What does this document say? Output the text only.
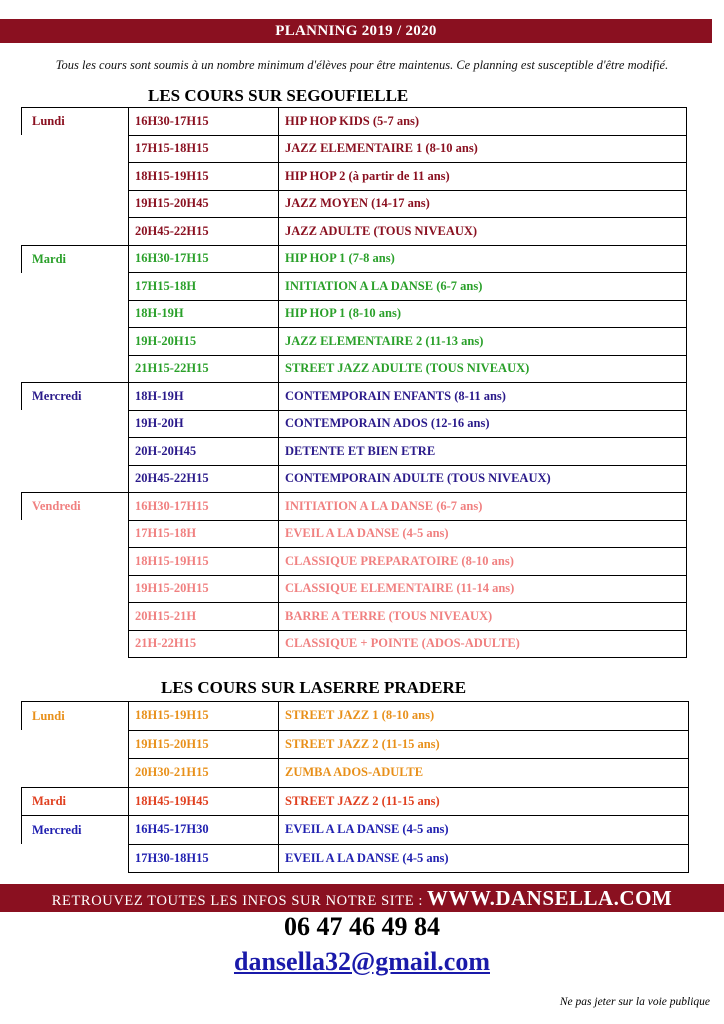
PLANNING 2019 / 2020
Tous les cours sont soumis à un nombre minimum d'élèves pour être maintenus. Ce planning est susceptible d'être modifié.
LES COURS SUR SEGOUFIELLE
Lundi	16H30-17H15	HIP HOP KIDS (5-7 ans)
	17H15-18H15	JAZZ ELEMENTAIRE 1 (8-10 ans)
	18H15-19H15	HIP HOP 2 (à partir de 11 ans)
	19H15-20H45	JAZZ MOYEN (14-17 ans)
	20H45-22H15	JAZZ ADULTE (TOUS NIVEAUX)
Mardi	16H30-17H15	HIP HOP 1 (7-8 ans)
	17H15-18H	INITIATION A LA DANSE (6-7 ans)
	18H-19H	HIP HOP 1 (8-10 ans)
	19H-20H15	JAZZ ELEMENTAIRE 2 (11-13 ans)
	21H15-22H15	STREET JAZZ ADULTE (TOUS NIVEAUX)
Mercredi	18H-19H	CONTEMPORAIN ENFANTS (8-11 ans)
	19H-20H	CONTEMPORAIN ADOS (12-16 ans)
	20H-20H45	DETENTE ET BIEN ETRE
	20H45-22H15	CONTEMPORAIN ADULTE (TOUS NIVEAUX)
Vendredi	16H30-17H15	INITIATION A LA DANSE (6-7 ans)
	17H15-18H	EVEIL A LA DANSE (4-5 ans)
	18H15-19H15	CLASSIQUE PREPARATOIRE (8-10 ans)
	19H15-20H15	CLASSIQUE ELEMENTAIRE (11-14 ans)
	20H15-21H	BARRE A TERRE (TOUS NIVEAUX)
	21H-22H15	CLASSIQUE + POINTE (ADOS-ADULTE)
LES COURS SUR LASERRE PRADERE
Lundi	18H15-19H15	STREET JAZZ 1 (8-10 ans)
	19H15-20H15	STREET JAZZ 2 (11-15 ans)
	20H30-21H15	ZUMBA ADOS-ADULTE
Mardi	18H45-19H45	STREET JAZZ 2 (11-15 ans)
Mercredi	16H45-17H30	EVEIL A LA DANSE (4-5 ans)
	17H30-18H15	EVEIL A LA DANSE (4-5 ans)
RETROUVEZ TOUTES LES INFOS SUR NOTRE SITE : WWW.DANSELLA.COM
06 47 46 49 84
dansella32@gmail.com
Ne pas jeter sur la voie publique
